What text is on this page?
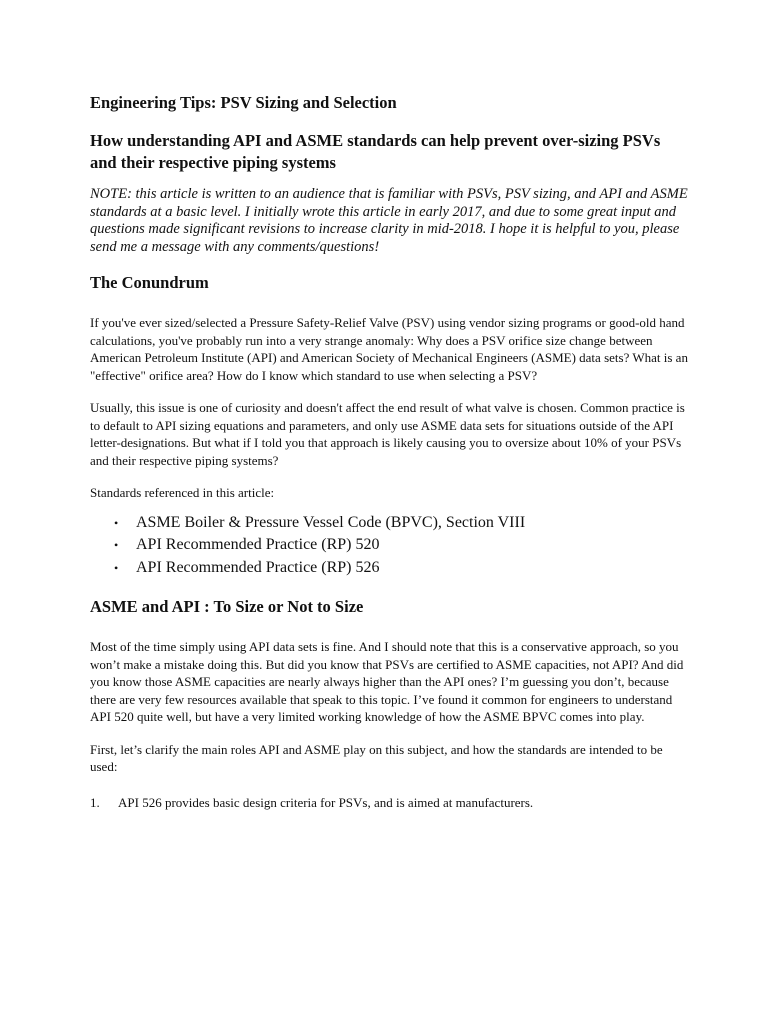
Engineering Tips: PSV Sizing and Selection
How understanding API and ASME standards can help prevent over-sizing PSVs and their respective piping systems

NOTE: this article is written to an audience that is familiar with PSVs, PSV sizing, and API and ASME standards at a basic level. I initially wrote this article in early 2017, and due to some great input and questions made significant revisions to increase clarity in mid-2018. I hope it is helpful to you, please send me a message with any comments/questions!

The Conundrum

If you've ever sized/selected a Pressure Safety-Relief Valve (PSV) using vendor sizing programs or good-old hand calculations, you've probably run into a very strange anomaly: Why does a PSV orifice size change between American Petroleum Institute (API) and American Society of Mechanical Engineers (ASME) data sets? What is an "effective" orifice area? How do I know which standard to use when selecting a PSV?

Usually, this issue is one of curiosity and doesn't affect the end result of what valve is chosen. Common practice is to default to API sizing equations and parameters, and only use ASME data sets for situations outside of the API letter-designations. But what if I told you that approach is likely causing you to oversize about 10% of your PSVs and their respective piping systems?

Standards referenced in this article:

• ASME Boiler & Pressure Vessel Code (BPVC), Section VIII
• API Recommended Practice (RP) 520
• API Recommended Practice (RP) 526
ASME and API : To Size or Not to Size

Most of the time simply using API data sets is fine. And I should note that this is a conservative approach, so you won’t make a mistake doing this. But did you know that PSVs are certified to ASME capacities, not API? And did you know those ASME capacities are nearly always higher than the API ones? I’m guessing you don’t, because there are very few resources available that speak to this topic. I’ve found it common for engineers to understand API 520 quite well, but have a very limited working knowledge of how the ASME BPVC comes into play.

First, let’s clarify the main roles API and ASME play on this subject, and how the standards are intended to be used:

1. API 526 provides basic design criteria for PSVs, and is aimed at manufacturers.
